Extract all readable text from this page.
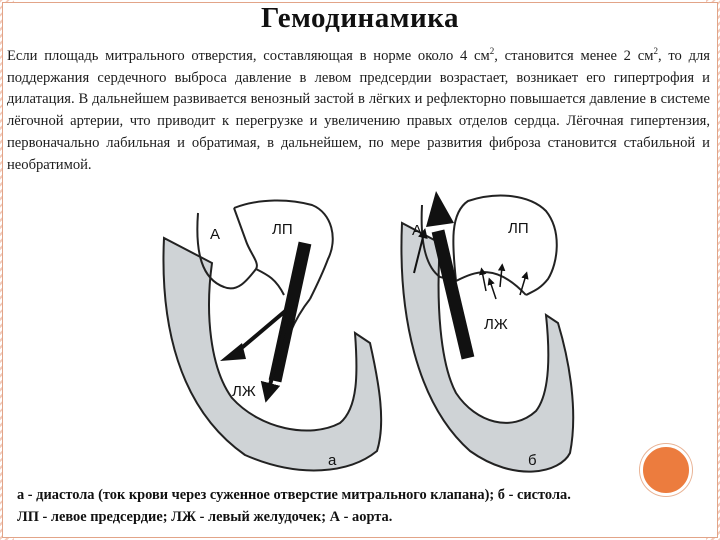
Гемодинамика

Если площадь митрального отверстия, составляющая в норме около 4 $см^2$, становится менее 2 $см^2$, то для поддержания сердечного выброса давление в левом предсердии возрастает, возникает его гипертрофия и дилатация. В дальнейшем развивается венозный застой в лёгких и рефлекторно повышается давление в системе лёгочной артерии, что приводит к перегрузке и увеличению правых отделов сердца. Лёгочная гипертензия, первоначально лабильная и обратимая, в дальнейшем, по мере развития фиброза становится стабильной и необратимой.

А	ЛП
ЛЖ
а
А	ЛП
ЛЖ
б

а - диастола (ток крови через суженное отверстие митрального клапана); б - систола.
ЛП - левое предсердие; ЛЖ - левый желудочек; А - аорта.
